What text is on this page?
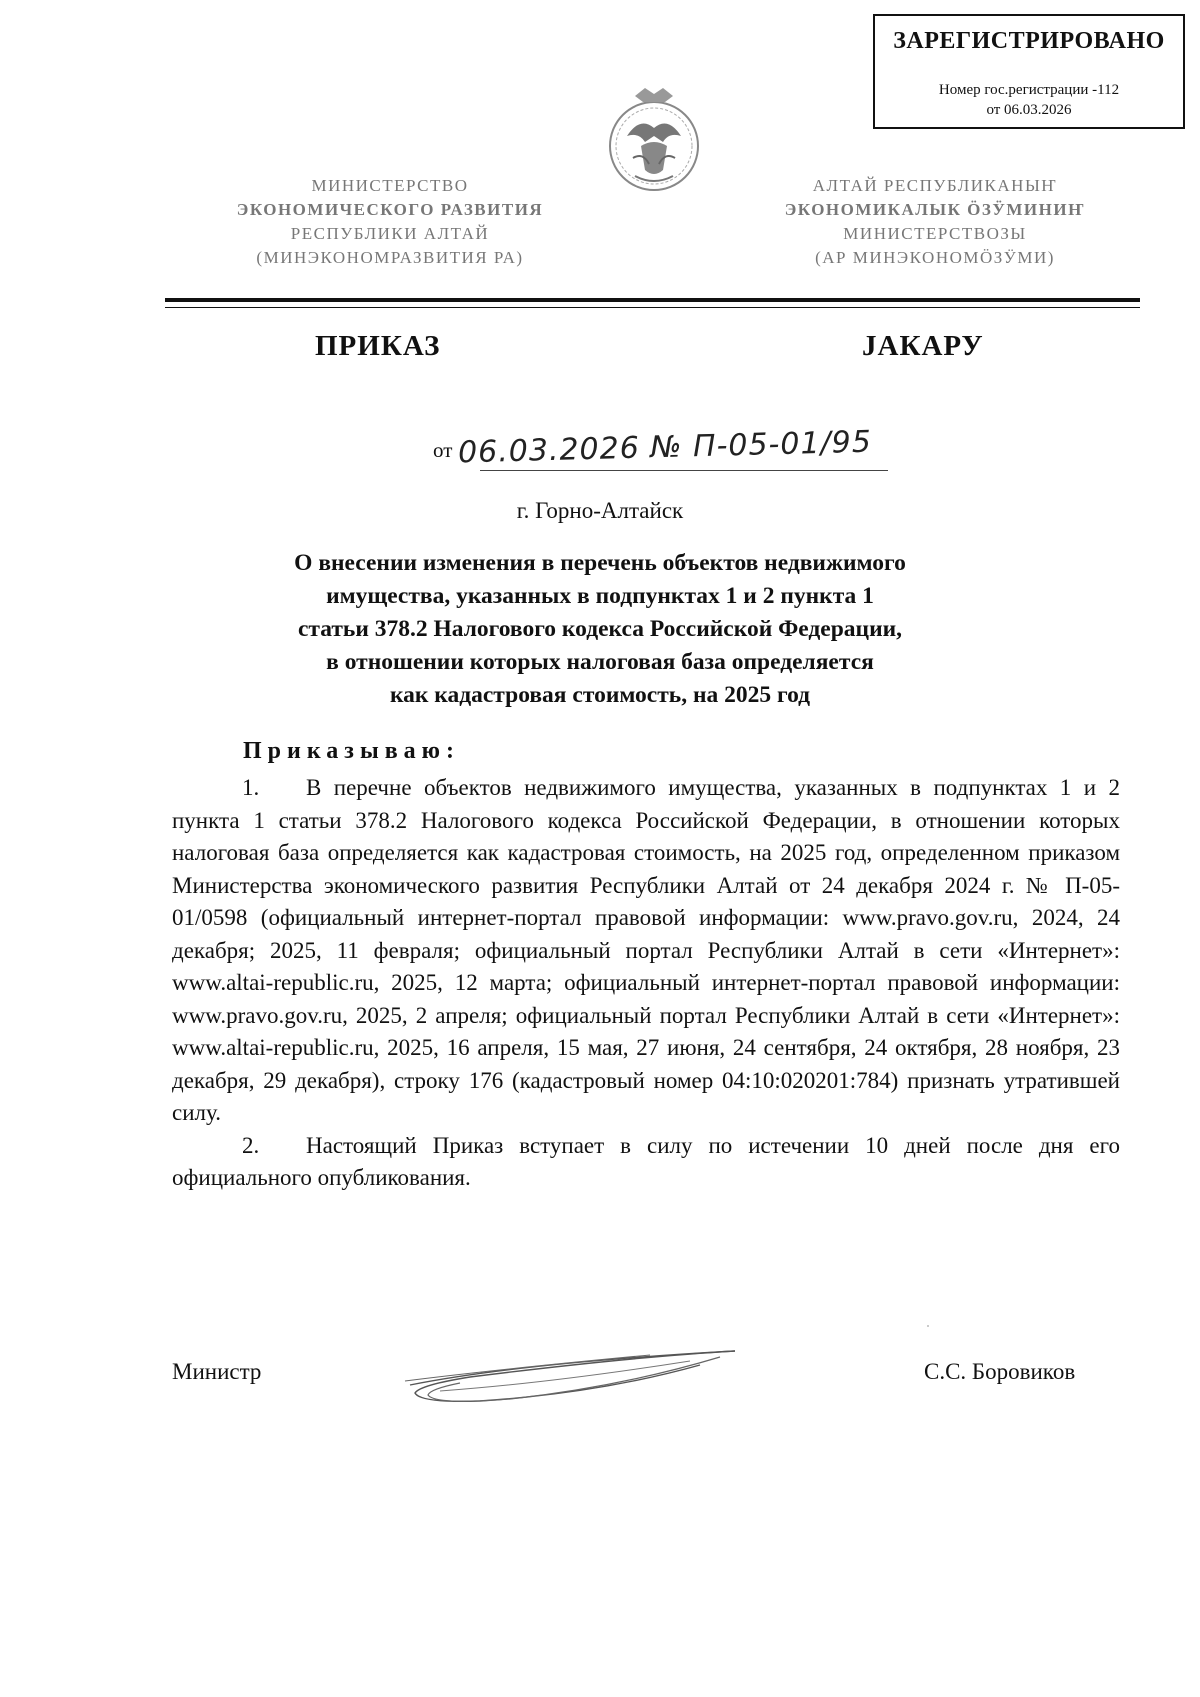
ЗАРЕГИСТРИРОВАНО
Номер гос.регистрации -112
от 06.03.2026
МИНИСТЕРСТВО
ЭКОНОМИЧЕСКОГО РАЗВИТИЯ
РЕСПУБЛИКИ АЛТАЙ
(МИНЭКОНОМРАЗВИТИЯ РА)
АЛТАЙ РЕСПУБЛИКАНЫҤ
ЭКОНОМИКАЛЫК ÖЗӰМИНИҤ
МИНИСТЕРСТВОЗЫ
(АР МИНЭКОНОМÖЗӰМИ)
ПРИКАЗ	JАКАРУ
от 06.03.2026 № П-05-01/95
г. Горно-Алтайск
О внесении изменения в перечень объектов недвижимого
имущества, указанных в подпунктах 1 и 2 пункта 1
статьи 378.2 Налогового кодекса Российской Федерации,
в отношении которых налоговая база определяется
как кадастровая стоимость, на 2025 год
Приказываю:

1. В перечне объектов недвижимого имущества, указанных в подпунктах 1 и 2 пункта 1 статьи 378.2 Налогового кодекса Российской Федерации, в отношении которых налоговая база определяется как кадастровая стоимость, на 2025 год, определенном приказом Министерства экономического развития Республики Алтай от 24 декабря 2024 г. № П-05-01/0598 (официальный интернет-портал правовой информации: www.pravo.gov.ru, 2024, 24 декабря; 2025, 11 февраля; официальный портал Республики Алтай в сети «Интернет»: www.altai-republic.ru, 2025, 12 марта; официальный интернет-портал правовой информации: www.pravo.gov.ru, 2025, 2 апреля; официальный портал Республики Алтай в сети «Интернет»: www.altai-republic.ru, 2025, 16 апреля, 15 мая, 27 июня, 24 сентября, 24 октября, 28 ноября, 23 декабря, 29 декабря), строку 176 (кадастровый номер 04:10:020201:784) признать утратившей силу.

2. Настоящий Приказ вступает в силу по истечении 10 дней после дня его официального опубликования.

Министр	С.С. Боровиков
